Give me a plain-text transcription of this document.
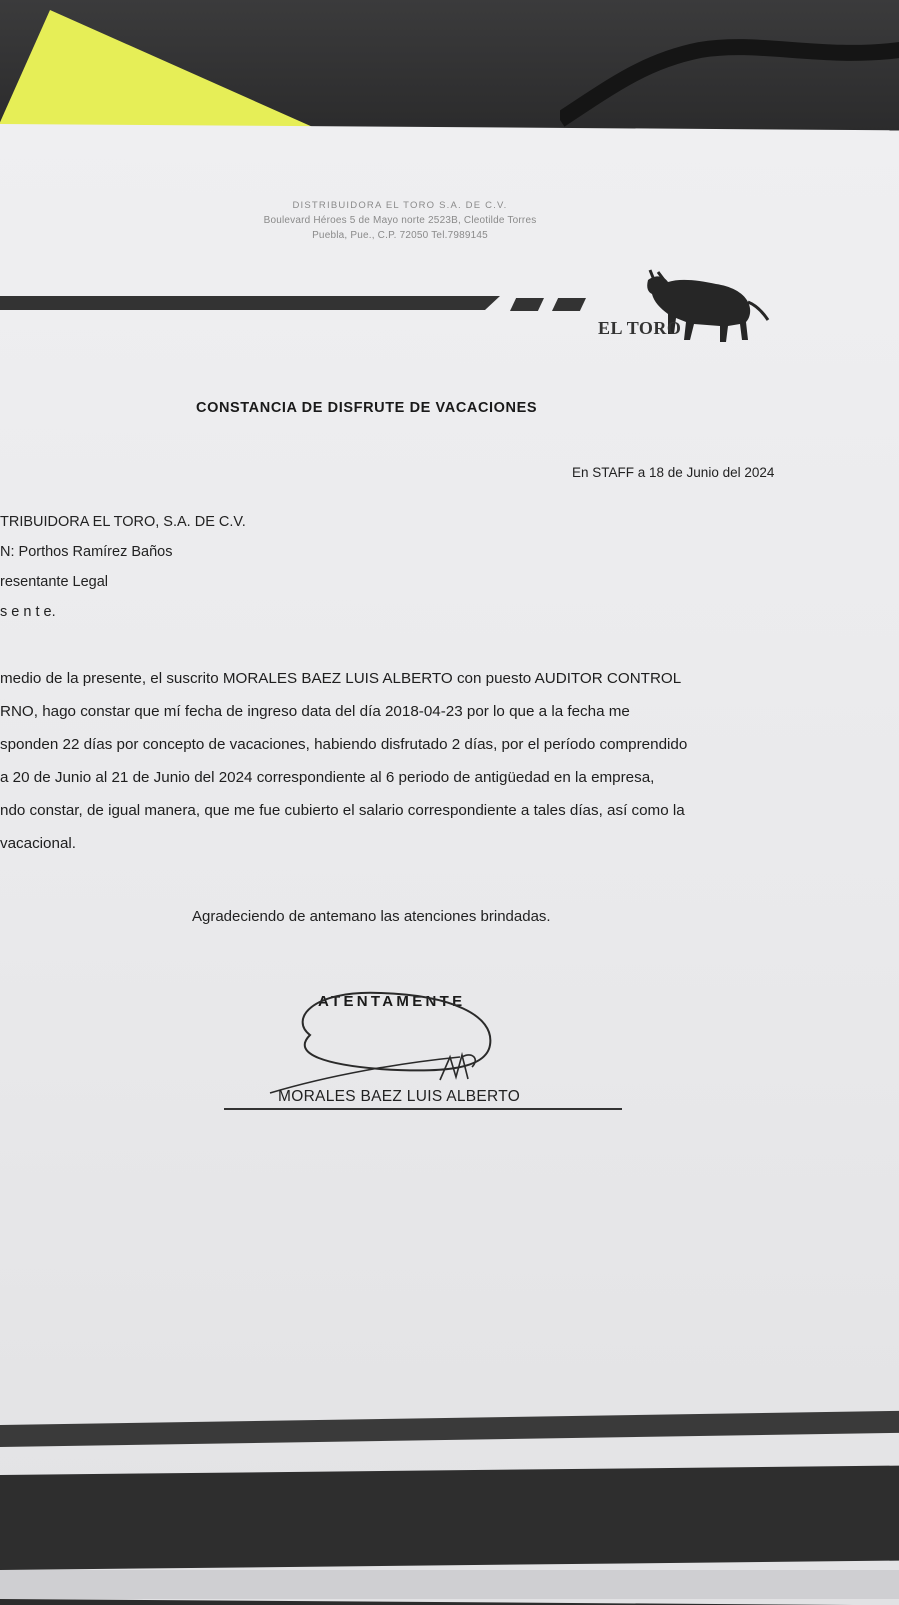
DISTRIBUIDORA EL TORO S.A. DE C.V.
Boulevard Héroes 5 de Mayo norte 2523B, Cleotilde Torres
Puebla, Pue., C.P. 72050 Tel.7989145
EL TORO
CONSTANCIA DE DISFRUTE DE VACACIONES
En STAFF a 18 de Junio del 2024
TRIBUIDORA EL TORO, S.A. DE C.V.
N: Porthos Ramírez Baños
resentante Legal
s e n t e.
medio de la presente, el suscrito MORALES BAEZ LUIS ALBERTO con puesto AUDITOR CONTROL
RNO, hago constar que mí fecha de ingreso data del día 2018-04-23 por lo que a la fecha me
sponden 22 días por concepto de vacaciones, habiendo disfrutado 2 días, por el período comprendido
a 20 de Junio al 21 de Junio del 2024 correspondiente al 6 periodo de antigüedad en la empresa,
ndo constar, de igual manera, que me fue cubierto el salario correspondiente a tales días, así como la
vacacional.
Agradeciendo de antemano las atenciones brindadas.
ATENTAMENTE
MORALES BAEZ LUIS ALBERTO
